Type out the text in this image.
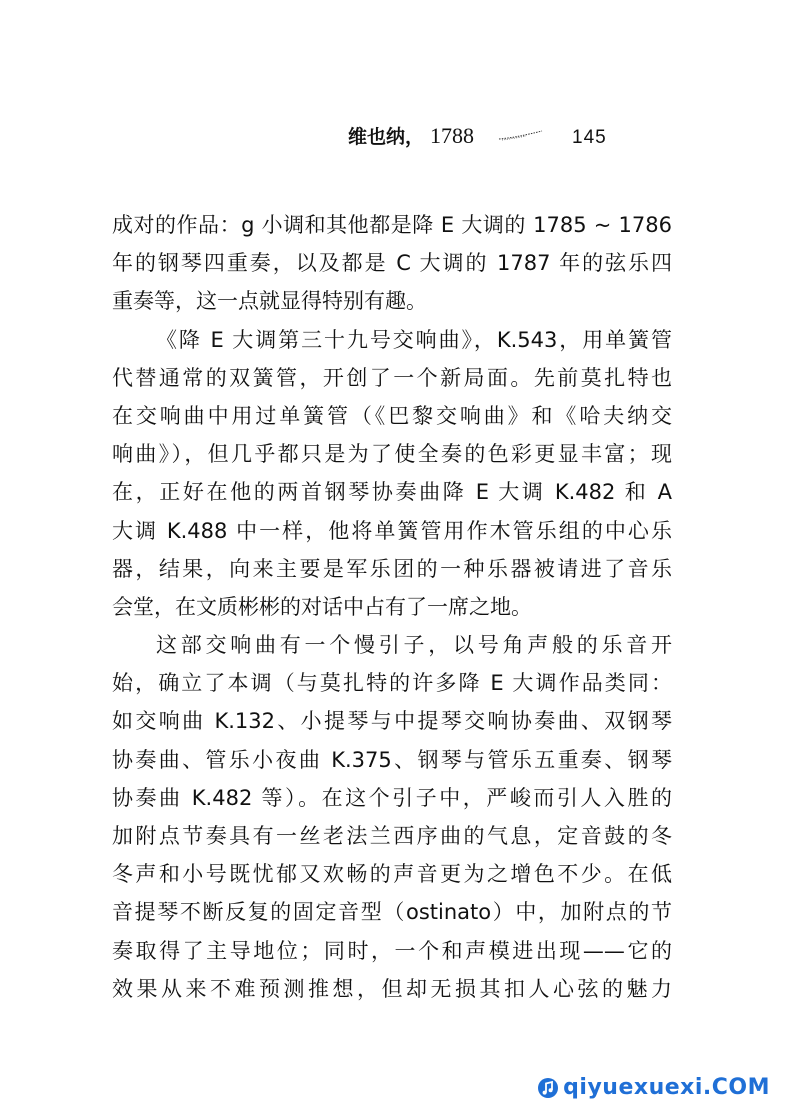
维也纳 ， 1788	145
成对的作品：g 小调和其他都是降 E 大调的 1785 ~ 1786
年的钢琴四重奏，以及都是 C 大调的 1787 年的弦乐四
重奏等，这一点就显得特别有趣。
《降 E 大调第三十九号交响曲》，K.543，用单簧管
代替通常的双簧管，开创了一个新局面。先前莫扎特也
在交响曲中用过单簧管（《巴黎交响曲》和《哈夫纳交
响曲》），但几乎都只是为了使全奏的色彩更显丰富；现
在，正好在他的两首钢琴协奏曲降 E 大调 K.482 和 A
大调 K.488 中一样，他将单簧管用作木管乐组的中心乐
器，结果，向来主要是军乐团的一种乐器被请进了音乐
会堂，在文质彬彬的对话中占有了一席之地。
这部交响曲有一个慢引子，以号角声般的乐音开
始，确立了本调（与莫扎特的许多降 E 大调作品类同：
如交响曲 K.132、小提琴与中提琴交响协奏曲、双钢琴
协奏曲、管乐小夜曲 K.375、钢琴与管乐五重奏、钢琴
协奏曲 K.482 等）。在这个引子中，严峻而引人入胜的
加附点节奏具有一丝老法兰西序曲的气息，定音鼓的冬
冬声和小号既忧郁又欢畅的声音更为之增色不少。在低
音提琴不断反复的固定音型（ostinato）中，加附点的节
奏取得了主导地位；同时，一个和声模进出现——它的
效果从来不难预测推想，但却无损其扣人心弦的魅力
qiyuexuexi.COM
